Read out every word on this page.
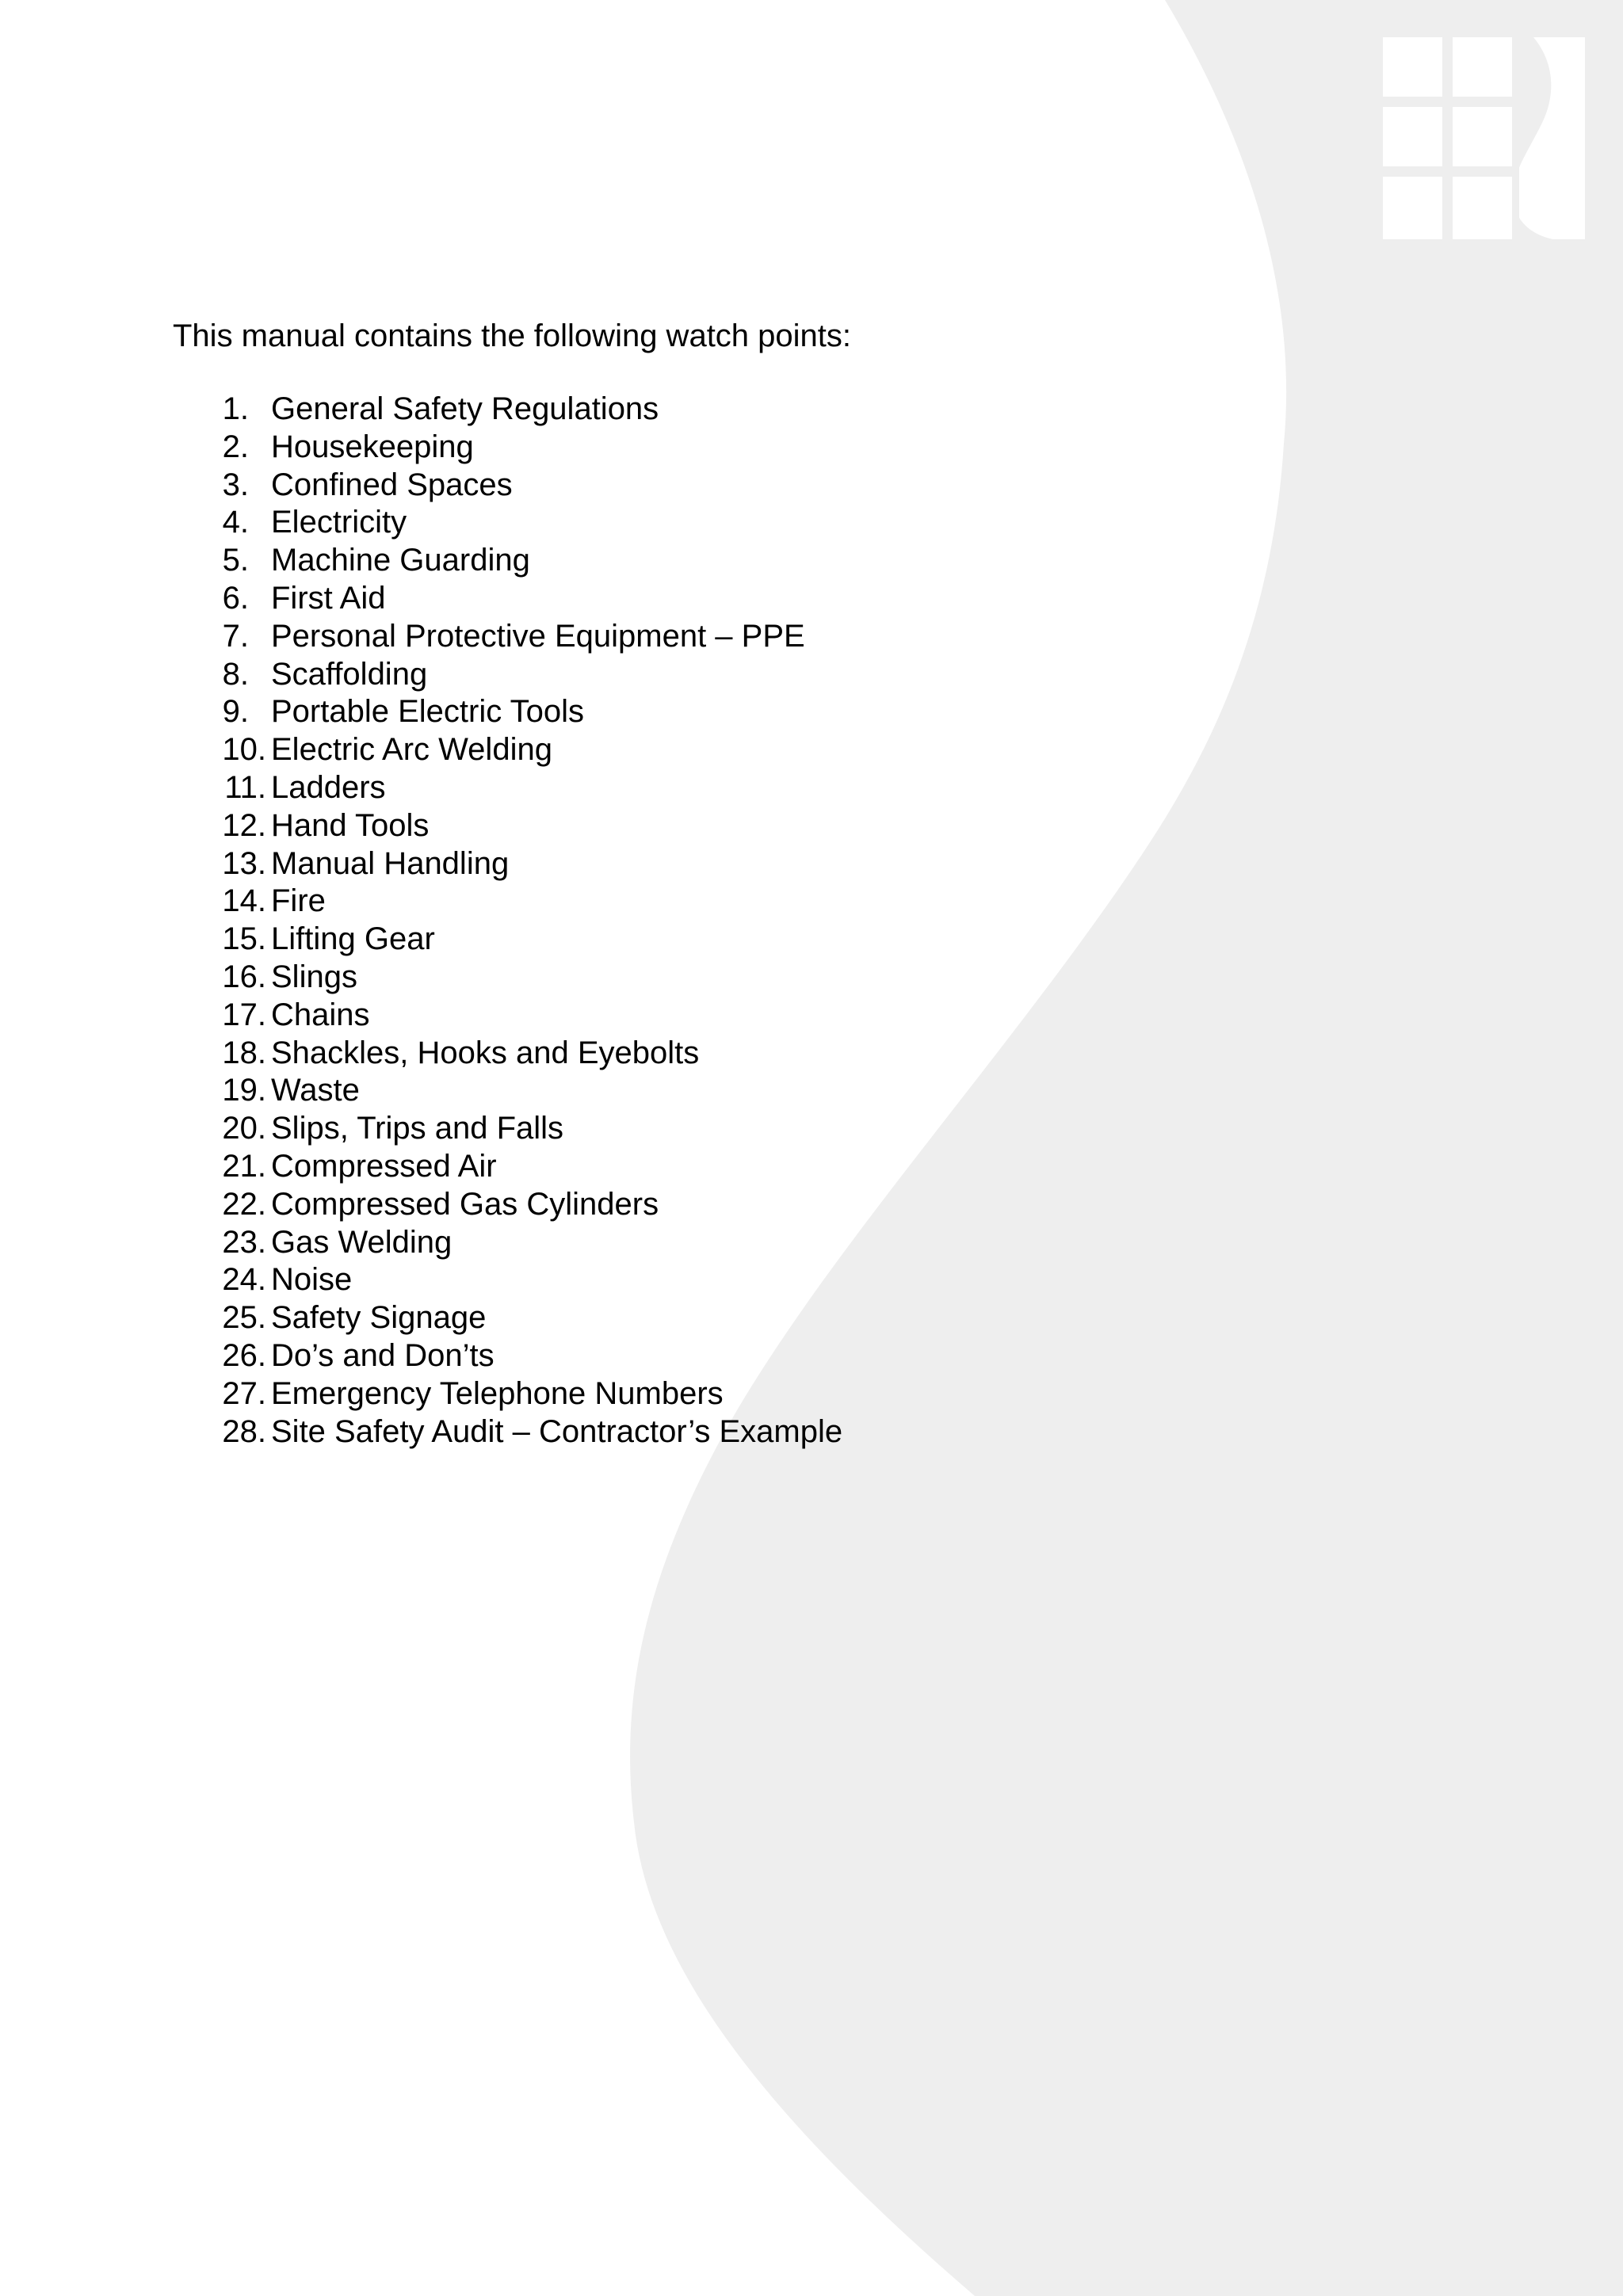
This manual contains the following watch points:
1. General Safety Regulations
2. Housekeeping
3. Confined Spaces
4. Electricity
5. Machine Guarding
6. First Aid
7. Personal Protective Equipment – PPE
8. Scaffolding
9. Portable Electric Tools
10. Electric Arc Welding
11. Ladders
12. Hand Tools
13. Manual Handling
14. Fire
15. Lifting Gear
16. Slings
17. Chains
18. Shackles, Hooks and Eyebolts
19. Waste
20. Slips, Trips and Falls
21. Compressed Air
22. Compressed Gas Cylinders
23. Gas Welding
24. Noise
25. Safety Signage
26. Do’s and Don’ts
27. Emergency Telephone Numbers
28. Site Safety Audit – Contractor’s Example
